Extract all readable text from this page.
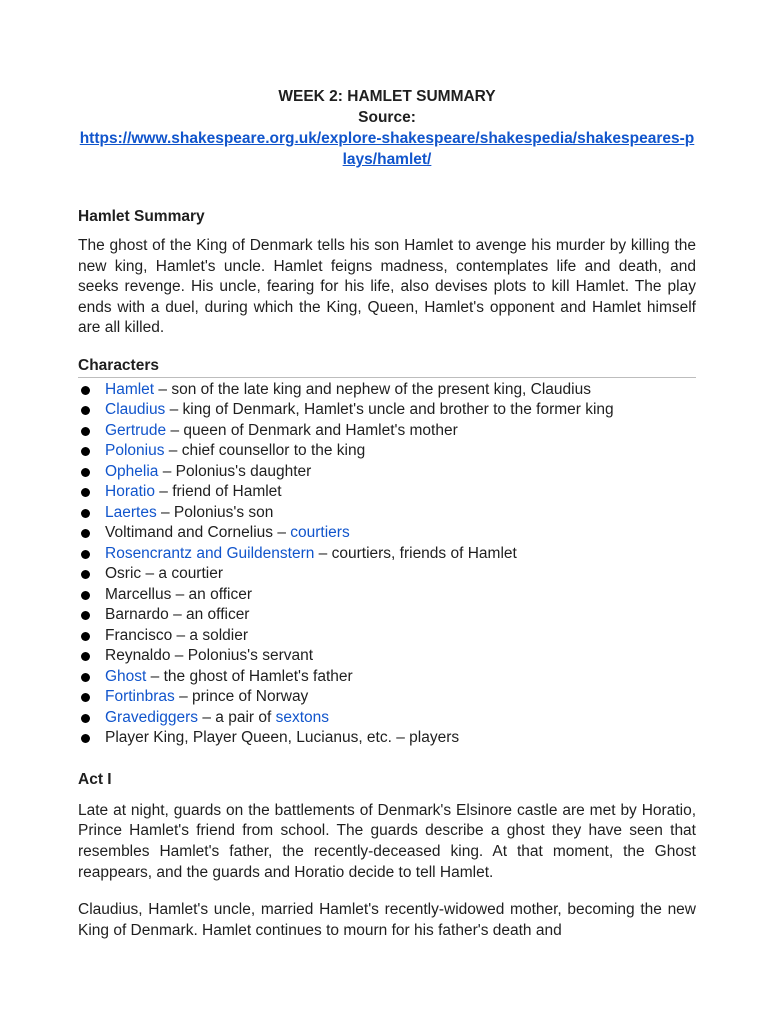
WEEK 2: HAMLET SUMMARY

Source:

https://www.shakespeare.org.uk/explore-shakespeare/shakespedia/shakespeares-plays/hamlet/

Hamlet Summary

The ghost of the King of Denmark tells his son Hamlet to avenge his murder by killing the new king, Hamlet's uncle. Hamlet feigns madness, contemplates life and death, and seeks revenge. His uncle, fearing for his life, also devises plots to kill Hamlet. The play ends with a duel, during which the King, Queen, Hamlet's opponent and Hamlet himself are all killed.

Characters

Hamlet – son of the late king and nephew of the present king, Claudius
Claudius – king of Denmark, Hamlet's uncle and brother to the former king
Gertrude – queen of Denmark and Hamlet's mother
Polonius – chief counsellor to the king
Ophelia – Polonius's daughter
Horatio – friend of Hamlet
Laertes – Polonius's son
Voltimand and Cornelius – courtiers
Rosencrantz and Guildenstern – courtiers, friends of Hamlet
Osric – a courtier
Marcellus – an officer
Barnardo – an officer
Francisco – a soldier
Reynaldo – Polonius's servant
Ghost – the ghost of Hamlet's father
Fortinbras – prince of Norway
Gravediggers – a pair of sextons
Player King, Player Queen, Lucianus, etc. – players

Act I

Late at night, guards on the battlements of Denmark's Elsinore castle are met by Horatio, Prince Hamlet's friend from school. The guards describe a ghost they have seen that resembles Hamlet's father, the recently-deceased king. At that moment, the Ghost reappears, and the guards and Horatio decide to tell Hamlet.

Claudius, Hamlet's uncle, married Hamlet's recently-widowed mother, becoming the new King of Denmark. Hamlet continues to mourn for his father's death and
